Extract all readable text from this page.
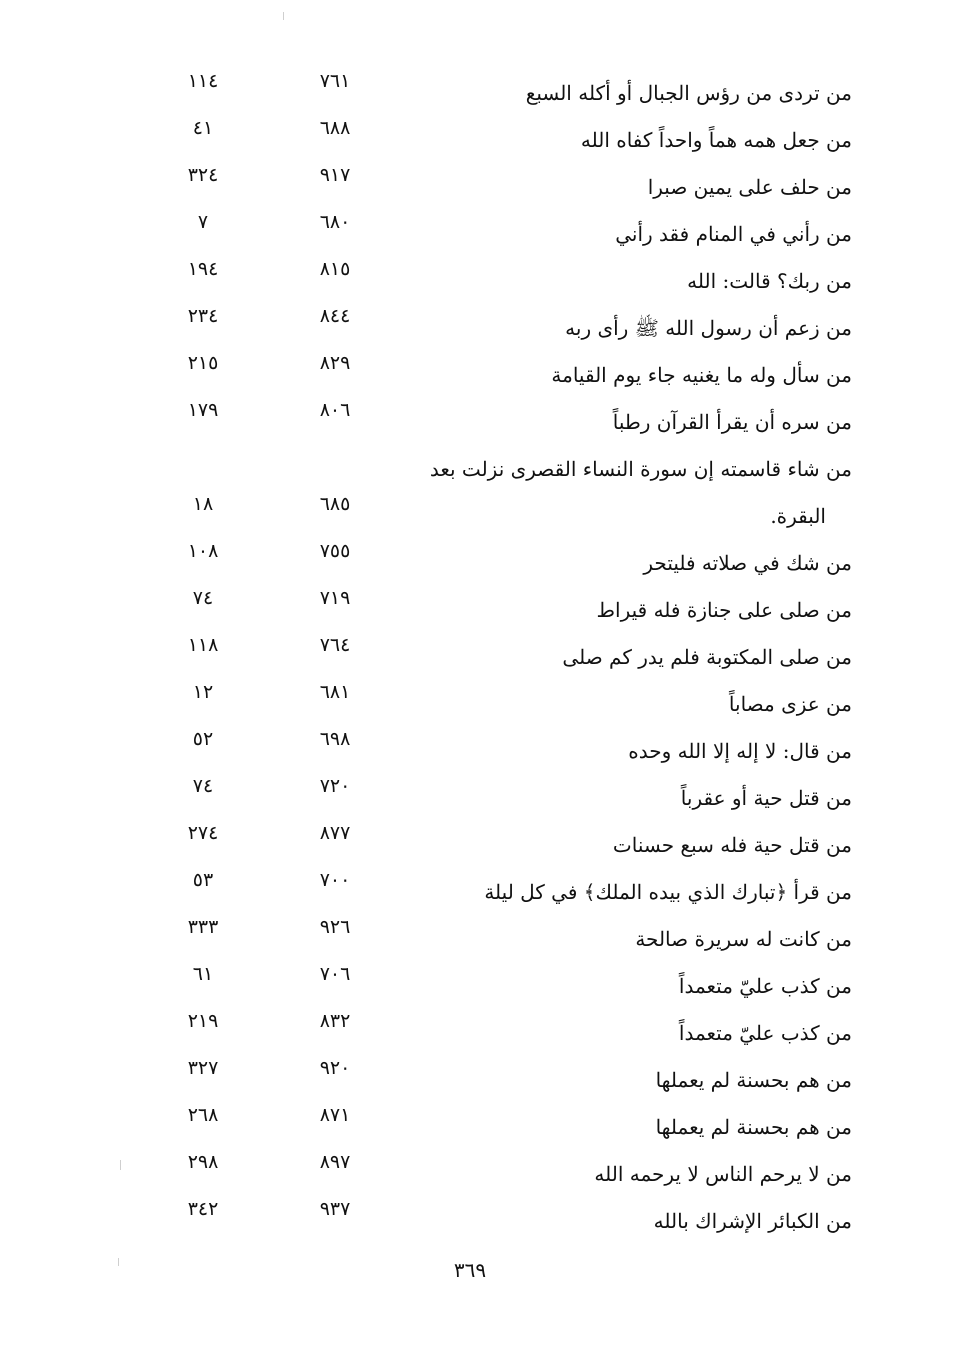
من تردى من رؤس الجبال أو أكله السبع
٧٦١
١١٤
من جعل همه هماً واحداً كفاه الله
٦٨٨
٤١
من حلف على يمين صبرا
٩١٧
٣٢٤
من رأني في المنام فقد رأني
٦٨٠
٧
من ربك؟ قالت: الله
٨١٥
١٩٤
من زعم أن رسول الله ﷺ رأى ربه
٨٤٤
٢٣٤
من سأل وله ما يغنيه جاء يوم القيامة
٨٢٩
٢١٥
من سره أن يقرأ القرآن رطباً
٨٠٦
١٧٩
من شاء قاسمته إن سورة النساء القصرى نزلت بعد
البقرة.
٦٨٥
١٨
من شك في صلاته فليتحر
٧٥٥
١٠٨
من صلى على جنازة فله قيراط
٧١٩
٧٤
من صلى المكتوبة فلم يدر كم صلى
٧٦٤
١١٨
من عزى مصاباً
٦٨١
١٢
من قال: لا إله إلا الله وحده
٦٩٨
٥٢
من قتل حية أو عقرباً
٧٢٠
٧٤
من قتل حية فله سبع حسنات
٨٧٧
٢٧٤
من قرأ ﴿تبارك الذي بيده الملك﴾ في كل ليلة
٧٠٠
٥٣
من كانت له سريرة صالحة
٩٢٦
٣٣٣
من كذب عليّ متعمداً
٧٠٦
٦١
من كذب عليّ متعمداً
٨٣٢
٢١٩
من هم بحسنة لم يعملها
٩٢٠
٣٢٧
من هم بحسنة لم يعملها
٨٧١
٢٦٨
من لا يرحم الناس لا يرحمه الله
٨٩٧
٢٩٨
من الكبائر الإشراك بالله
٩٣٧
٣٤٢
٣٦٩
